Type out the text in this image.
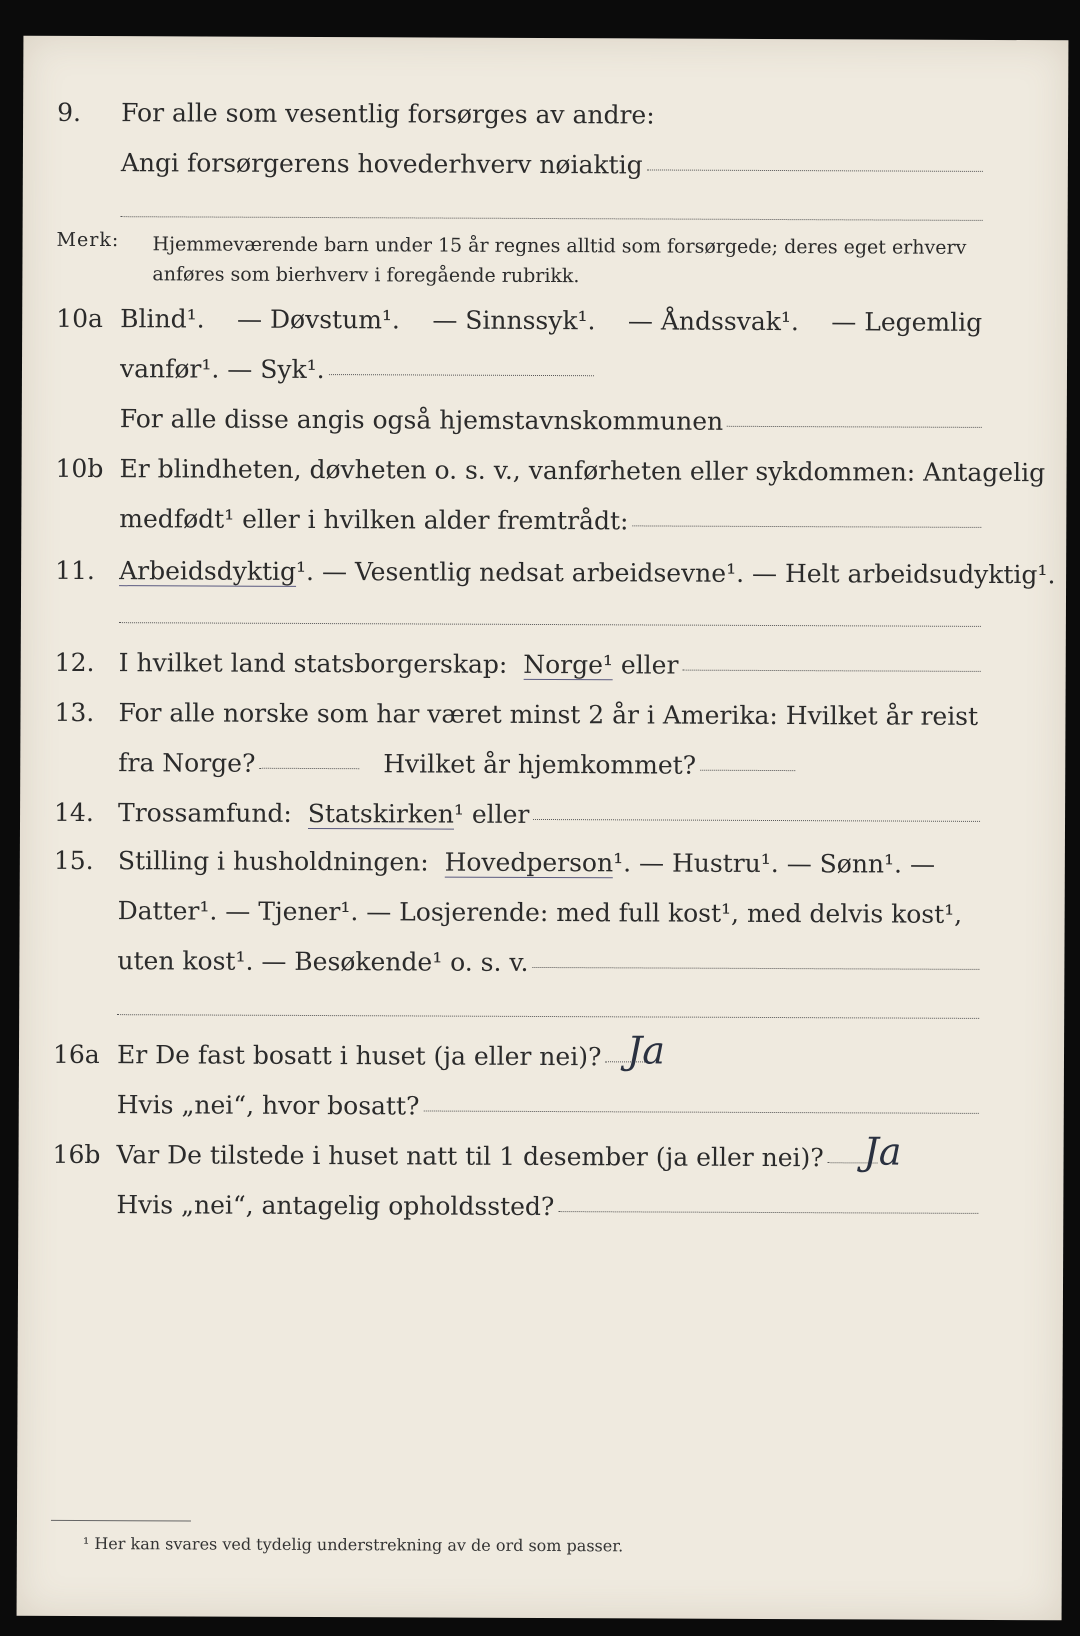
9. For alle som vesentlig forsørges av andre:
Angi forsørgerens hovederhverv nøiaktig
Merk: Hjemmeværende barn under 15 år regnes alltid som forsørgede; deres eget erhverv
anføres som bierhverv i foregående rubrikk.
10a Blind¹. — Døvstum¹. — Sinnssyk¹. — Åndssvak¹. — Legemlig
vanfør¹. — Syk¹.
For alle disse angis også hjemstavnskommunen
10b Er blindheten, døvheten o. s. v., vanførheten eller sykdommen: Antagelig
medfødt¹ eller i hvilken alder fremtrådt:
11. Arbeidsdyktig ¹. — Vesentlig nedsat arbeidsevne¹. — Helt arbeidsudyktig¹.
12. I hvilket land statsborgerskap:
Norge¹
eller
13. For alle norske som har været minst 2 år i Amerika: Hvilket år reist
fra Norge?
	Hvilket år hjemkommet?
14. Trossamfund:
Statskirken ¹ eller
15. Stilling i husholdningen:
Hovedperson ¹. — Hustru¹. — Sønn¹. —
Datter¹. — Tjener¹. — Losjerende: med full kost¹, med delvis kost¹,
uten kost¹. — Besøkende¹ o. s. v.
16a Er De fast bosatt i huset (ja eller nei)? Ja
Hvis „nei“, hvor bosatt?
16b Var De tilstede i huset natt til 1 desember (ja eller nei)? Ja
Hvis „nei“, antagelig opholdssted?
¹ Her kan svares ved tydelig understrekning av de ord som passer.
